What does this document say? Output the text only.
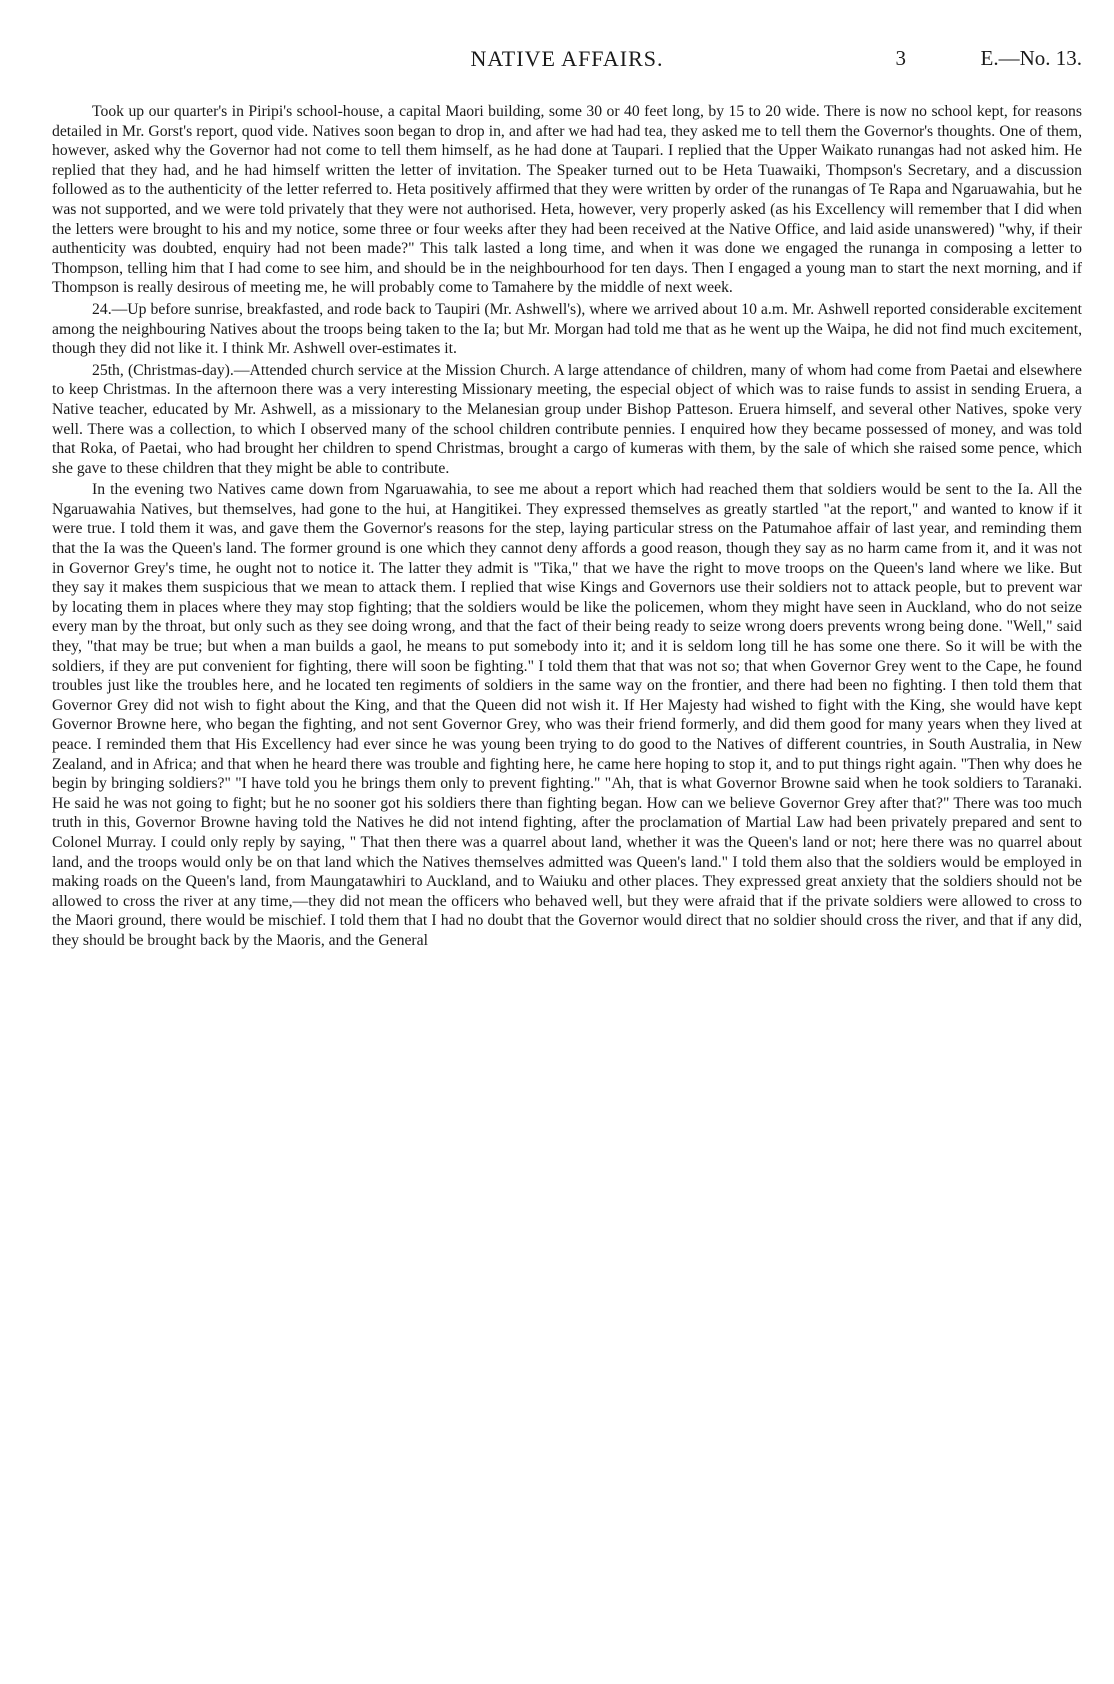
NATIVE AFFAIRS.	3	E.—No. 13.

Took up our quarter's in Piripi's school-house, a capital Maori building, some 30 or 40 feet long, by 15 to 20 wide. There is now no school kept, for reasons detailed in Mr. Gorst's report, quod vide. Natives soon began to drop in, and after we had had tea, they asked me to tell them the Governor's thoughts. One of them, however, asked why the Governor had not come to tell them himself, as he had done at Taupari. I replied that the Upper Waikato runangas had not asked him. He replied that they had, and he had himself written the letter of invitation. The Speaker turned out to be Heta Tuawaiki, Thompson's Secretary, and a discussion followed as to the authenticity of the letter referred to. Heta positively affirmed that they were written by order of the runangas of Te Rapa and Ngaruawahia, but he was not supported, and we were told privately that they were not authorised. Heta, however, very properly asked (as his Excellency will remember that I did when the letters were brought to his and my notice, some three or four weeks after they had been received at the Native Office, and laid aside unanswered) "why, if their authenticity was doubted, enquiry had not been made?" This talk lasted a long time, and when it was done we engaged the runanga in composing a letter to Thompson, telling him that I had come to see him, and should be in the neighbourhood for ten days. Then I engaged a young man to start the next morning, and if Thompson is really desirous of meeting me, he will probably come to Tamahere by the middle of next week.

24.—Up before sunrise, breakfasted, and rode back to Taupiri (Mr. Ashwell's), where we arrived about 10 a.m. Mr. Ashwell reported considerable excitement among the neighbouring Natives about the troops being taken to the Ia; but Mr. Morgan had told me that as he went up the Waipa, he did not find much excitement, though they did not like it. I think Mr. Ashwell over-estimates it.

25th, (Christmas-day).—Attended church service at the Mission Church. A large attendance of children, many of whom had come from Paetai and elsewhere to keep Christmas. In the afternoon there was a very interesting Missionary meeting, the especial object of which was to raise funds to assist in sending Eruera, a Native teacher, educated by Mr. Ashwell, as a missionary to the Melanesian group under Bishop Patteson. Eruera himself, and several other Natives, spoke very well. There was a collection, to which I observed many of the school children contribute pennies. I enquired how they became possessed of money, and was told that Roka, of Paetai, who had brought her children to spend Christmas, brought a cargo of kumeras with them, by the sale of which she raised some pence, which she gave to these children that they might be able to contribute.

In the evening two Natives came down from Ngaruawahia, to see me about a report which had reached them that soldiers would be sent to the Ia. All the Ngaruawahia Natives, but themselves, had gone to the hui, at Hangitikei. They expressed themselves as greatly startled "at the report," and wanted to know if it were true. I told them it was, and gave them the Governor's reasons for the step, laying particular stress on the Patumahoe affair of last year, and reminding them that the Ia was the Queen's land. The former ground is one which they cannot deny affords a good reason, though they say as no harm came from it, and it was not in Governor Grey's time, he ought not to notice it. The latter they admit is "Tika," that we have the right to move troops on the Queen's land where we like. But they say it makes them suspicious that we mean to attack them. I replied that wise Kings and Governors use their soldiers not to attack people, but to prevent war by locating them in places where they may stop fighting; that the soldiers would be like the policemen, whom they might have seen in Auckland, who do not seize every man by the throat, but only such as they see doing wrong, and that the fact of their being ready to seize wrong doers prevents wrong being done. "Well," said they, "that may be true; but when a man builds a gaol, he means to put somebody into it; and it is seldom long till he has some one there. So it will be with the soldiers, if they are put convenient for fighting, there will soon be fighting." I told them that that was not so; that when Governor Grey went to the Cape, he found troubles just like the troubles here, and he located ten regiments of soldiers in the same way on the frontier, and there had been no fighting. I then told them that Governor Grey did not wish to fight about the King, and that the Queen did not wish it. If Her Majesty had wished to fight with the King, she would have kept Governor Browne here, who began the fighting, and not sent Governor Grey, who was their friend formerly, and did them good for many years when they lived at peace. I reminded them that His Excellency had ever since he was young been trying to do good to the Natives of different countries, in South Australia, in New Zealand, and in Africa; and that when he heard there was trouble and fighting here, he came here hoping to stop it, and to put things right again. "Then why does he begin by bringing soldiers?" "I have told you he brings them only to prevent fighting." "Ah, that is what Governor Browne said when he took soldiers to Taranaki. He said he was not going to fight; but he no sooner got his soldiers there than fighting began. How can we believe Governor Grey after that?" There was too much truth in this, Governor Browne having told the Natives he did not intend fighting, after the proclamation of Martial Law had been privately prepared and sent to Colonel Murray. I could only reply by saying, " That then there was a quarrel about land, whether it was the Queen's land or not; here there was no quarrel about land, and the troops would only be on that land which the Natives themselves admitted was Queen's land." I told them also that the soldiers would be employed in making roads on the Queen's land, from Maungatawhiri to Auckland, and to Waiuku and other places. They expressed great anxiety that the soldiers should not be allowed to cross the river at any time,—they did not mean the officers who behaved well, but they were afraid that if the private soldiers were allowed to cross to the Maori ground, there would be mischief. I told them that I had no doubt that the Governor would direct that no soldier should cross the river, and that if any did, they should be brought back by the Maoris, and the General
